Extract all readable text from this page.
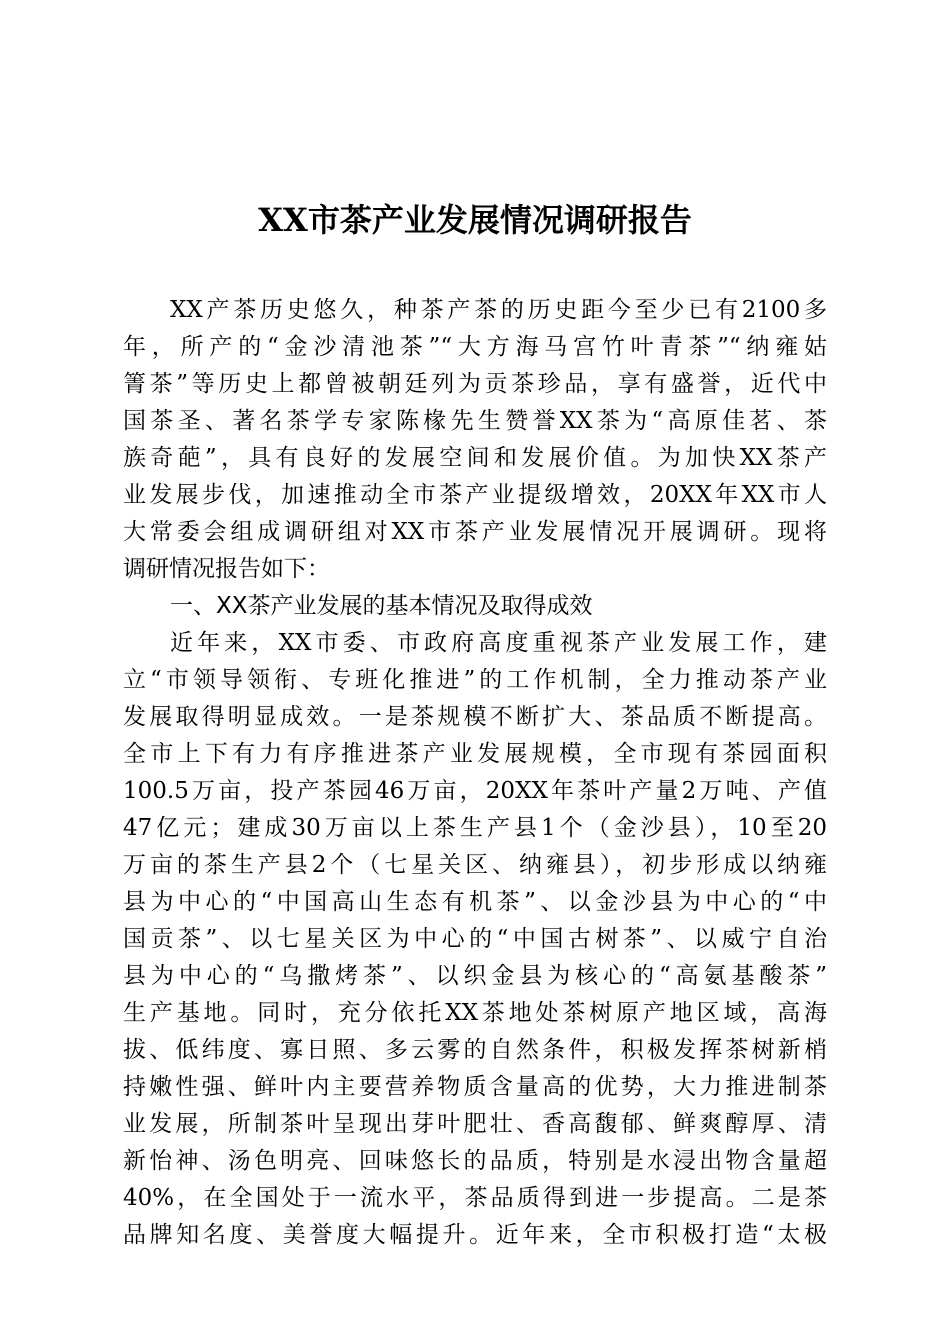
XX市茶产业发展情况调研报告

XX产茶历史悠久，种茶产茶的历史距今至少已有2100多

年，所产的“金沙清池茶”“大方海马宫竹叶青茶”“纳雍姑

箐茶”等历史上都曾被朝廷列为贡茶珍品，享有盛誉，近代中

国茶圣、著名茶学专家陈椽先生赞誉XX茶为“高原佳茗、茶

族奇葩”，具有良好的发展空间和发展价值。为加快XX茶产

业发展步伐，加速推动全市茶产业提级增效，20XX年XX市人

大常委会组成调研组对XX市茶产业发展情况开展调研。现将

调研情况报告如下：

一、XX茶产业发展的基本情况及取得成效

近年来，XX市委、市政府高度重视茶产业发展工作，建

立“市领导领衔、专班化推进”的工作机制，全力推动茶产业

发展取得明显成效。一是茶规模不断扩大、茶品质不断提高。

全市上下有力有序推进茶产业发展规模，全市现有茶园面积

100.5万亩，投产茶园46万亩，20XX年茶叶产量2万吨、产值

47亿元；建成30万亩以上茶生产县1个（金沙县），10至20

万亩的茶生产县2个（七星关区、纳雍县），初步形成以纳雍

县为中心的“中国高山生态有机茶”、以金沙县为中心的“中

国贡茶”、以七星关区为中心的“中国古树茶”、以威宁自治

县为中心的“乌撒烤茶”、以织金县为核心的“高氨基酸茶”

生产基地。同时，充分依托XX茶地处茶树原产地区域，高海

拔、低纬度、寡日照、多云雾的自然条件，积极发挥茶树新梢

持嫩性强、鲜叶内主要营养物质含量高的优势，大力推进制茶

业发展，所制茶叶呈现出芽叶肥壮、香高馥郁、鲜爽醇厚、清

新怡神、汤色明亮、回味悠长的品质，特别是水浸出物含量超

40%，在全国处于一流水平，茶品质得到进一步提高。二是茶

品牌知名度、美誉度大幅提升。近年来，全市积极打造“太极
